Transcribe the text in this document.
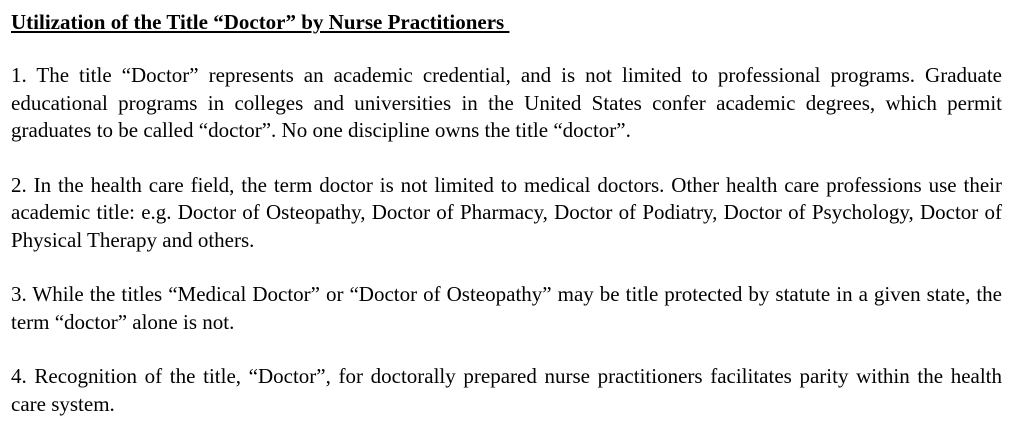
Utilization of the Title “Doctor” by Nurse Practitioners

1. The title “Doctor” represents an academic credential, and is not limited to professional programs. Graduate educational programs in colleges and universities in the United States confer academic degrees, which permit graduates to be called “doctor”. No one discipline owns the title “doctor”.

2. In the health care field, the term doctor is not limited to medical doctors. Other health care professions use their academic title: e.g. Doctor of Osteopathy, Doctor of Pharmacy, Doctor of Podiatry, Doctor of Psychology, Doctor of Physical Therapy and others.

3. While the titles “Medical Doctor” or “Doctor of Osteopathy” may be title protected by statute in a given state, the term “doctor” alone is not.

4. Recognition of the title, “Doctor”, for doctorally prepared nurse practitioners facilitates parity within the health care system.
